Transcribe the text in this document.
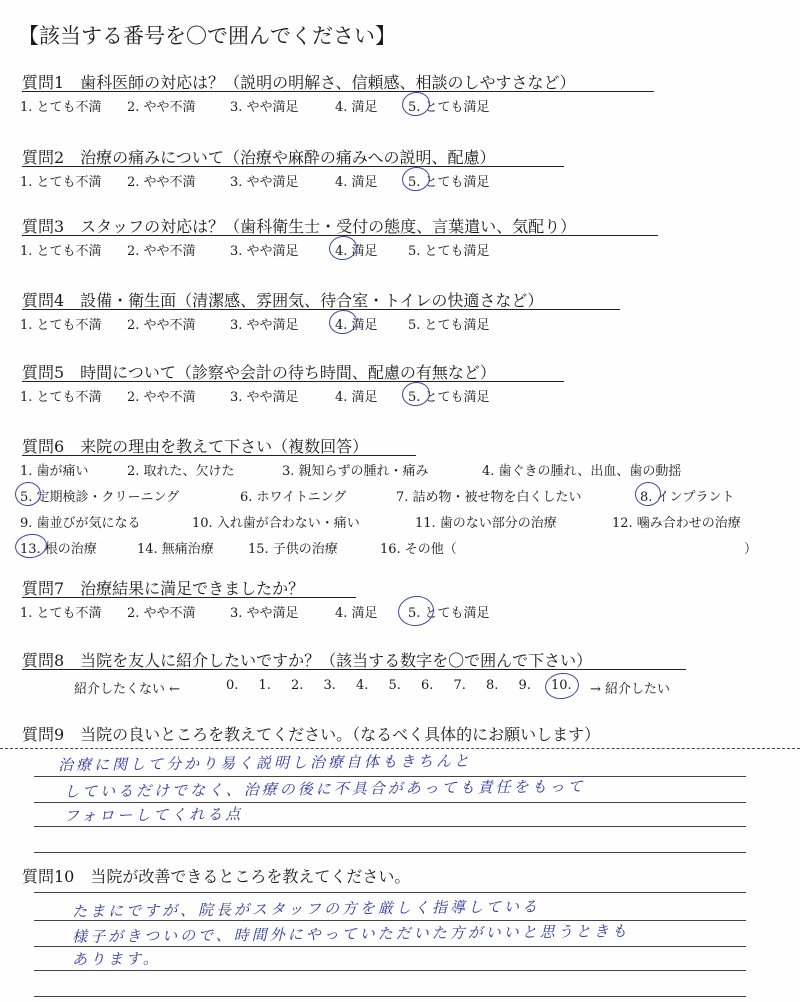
【該当する番号を〇で囲んでください】
質問1　歯科医師の対応は？（説明の明解さ、信頼感、相談のしやすさなど）
1. とても不満 2. やや不満	3. やや満足	4. 満足 5. とても満足
質問2　治療の痛みについて（治療や麻酔の痛みへの説明、配慮）
1. とても不満 2. やや不満	3. やや満足	4. 満足 5. とても満足
質問3　スタッフの対応は？（歯科衛生士・受付の態度、言葉遣い、気配り）
1. とても不満 2. やや不満	3. やや満足	4. 満足 5. とても満足
質問4　設備・衛生面（清潔感、雰囲気、待合室・トイレの快適さなど）
1. とても不満 2. やや不満	3. やや満足	4. 満足 5. とても満足
質問5　時間について（診察や会計の待ち時間、配慮の有無など）
1. とても不満 2. やや不満	3. やや満足	4. 満足 5. とても満足
質問6　来院の理由を教えて下さい（複数回答）
1. 歯が痛い	2. 取れた、欠けた	3. 親知らずの腫れ・痛み	4. 歯ぐきの腫れ、出血、歯の動揺
5. 定期検診・クリーニング	6. ホワイトニング	7. 詰め物・被せ物を白くしたい	8. インプラント
9. 歯並びが気になる	10. 入れ歯が合わない・痛い	11. 歯のない部分の治療	12. 噛み合わせの治療
13. 根の治療	14. 無痛治療	15. 子供の治療	16. その他（	）
質問7　治療結果に満足できましたか？
1. とても不満 2. やや不満	3. やや満足	4. 満足 5. とても満足
質問8　当院を友人に紹介したいですか？（該当する数字を〇で囲んで下さい）
紹介したくない ←	0. 1. 2. 3. 4. 5. 6. 7. 8. 9. 10. → 紹介したい
質問9　当院の良いところを教えてください。（なるべく具体的にお願いします）
治療に関して分かり易く説明し治療自体もきちんと
しているだけでなく、治療の後に不具合があっても責任をもって
フォローしてくれる点
質問10　当院が改善できるところを教えてください。
たまにですが、院長がスタッフの方を厳しく指導している
様子がきついので、時間外にやっていただいた方がいいと思うときも
あります。
